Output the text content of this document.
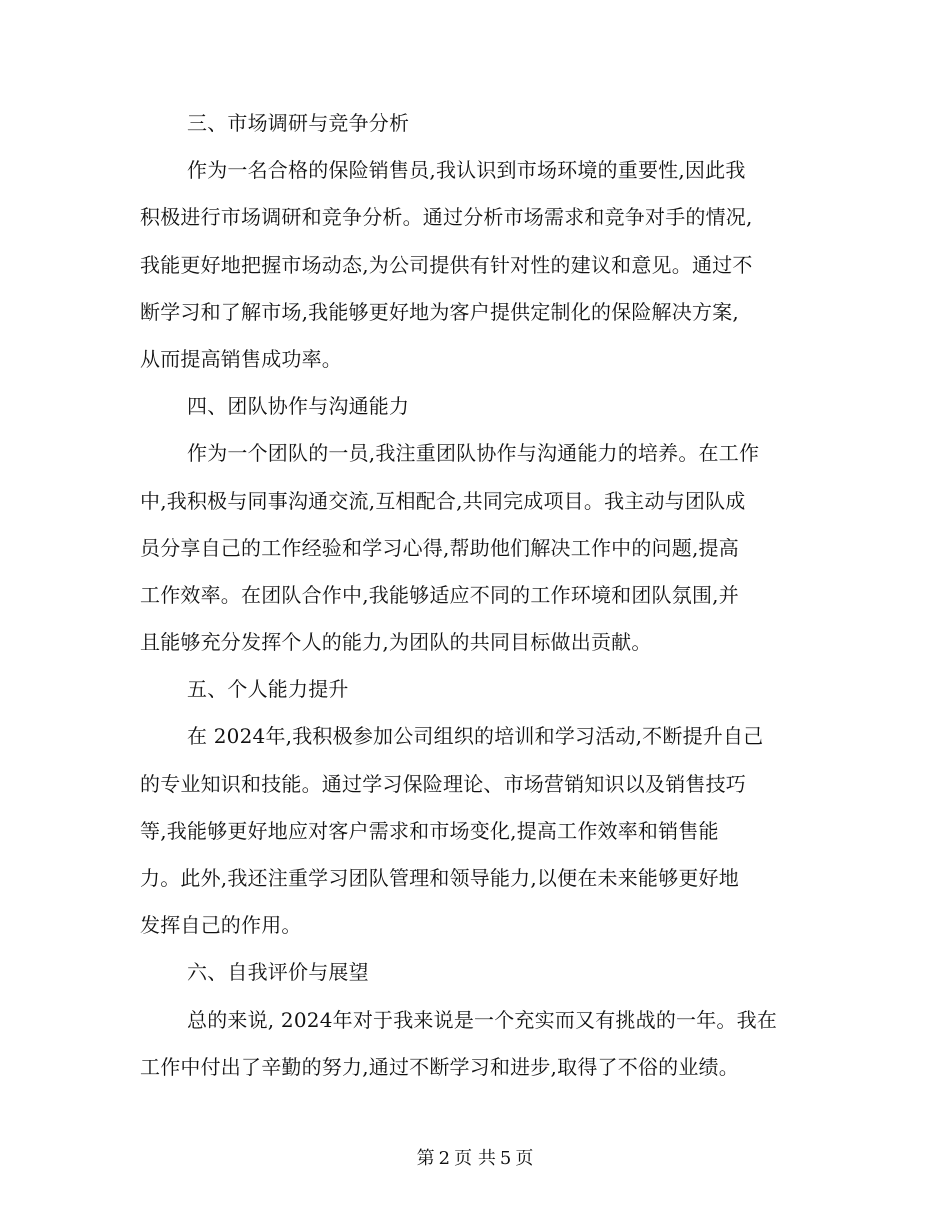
三、市场调研与竞争分析
作为一名合格的保险销售员,我认识到市场环境的重要性,因此我
积极进行市场调研和竞争分析。通过分析市场需求和竞争对手的情况,
我能更好地把握市场动态,为公司提供有针对性的建议和意见。通过不
断学习和了解市场,我能够更好地为客户提供定制化的保险解决方案,
从而提高销售成功率。
四、团队协作与沟通能力
作为一个团队的一员,我注重团队协作与沟通能力的培养。在工作
中,我积极与同事沟通交流,互相配合,共同完成项目。我主动与团队成
员分享自己的工作经验和学习心得,帮助他们解决工作中的问题,提高
工作效率。在团队合作中,我能够适应不同的工作环境和团队氛围,并
且能够充分发挥个人的能力,为团队的共同目标做出贡献。
五、个人能力提升
在 2024年,我积极参加公司组织的培训和学习活动,不断提升自己
的专业知识和技能。通过学习保险理论、市场营销知识以及销售技巧
等,我能够更好地应对客户需求和市场变化,提高工作效率和销售能
力。此外,我还注重学习团队管理和领导能力,以便在未来能够更好地
发挥自己的作用。
六、自我评价与展望
总的来说, 2024年对于我来说是一个充实而又有挑战的一年。我在
工作中付出了辛勤的努力,通过不断学习和进步,取得了不俗的业绩。
第 2 页 共 5 页
